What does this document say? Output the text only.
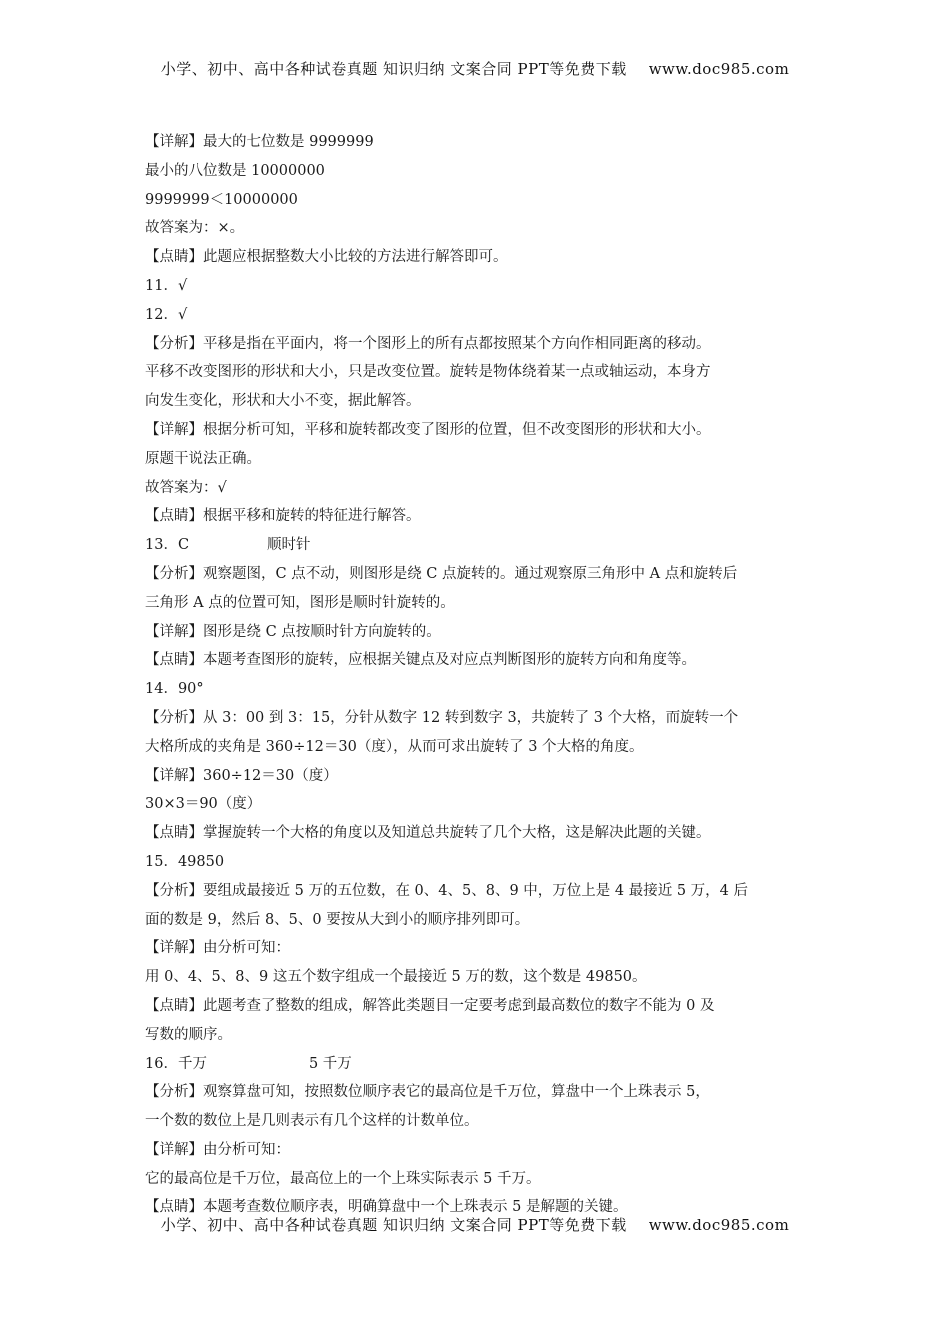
小学、初中、高中各种试卷真题 知识归纳 文案合同 PPT等免费下载 www.doc985.com
【详解】最大的七位数是 9999999
最小的八位数是 10000000
9999999＜10000000
故答案为：×。
【点睛】此题应根据整数大小比较的方法进行解答即可。
11．√
12．√
【分析】平移是指在平面内，将一个图形上的所有点都按照某个方向作相同距离的移动。
平移不改变图形的形状和大小，只是改变位置。旋转是物体绕着某一点或轴运动，本身方
向发生变化，形状和大小不变，据此解答。
【详解】根据分析可知，平移和旋转都改变了图形的位置，但不改变图形的形状和大小。
原题干说法正确。
故答案为：√
【点睛】根据平移和旋转的特征进行解答。
13．C	顺时针
【分析】观察题图，C 点不动，则图形是绕 C 点旋转的。通过观察原三角形中 A 点和旋转后
三角形 A 点的位置可知，图形是顺时针旋转的。
【详解】图形是绕 C 点按顺时针方向旋转的。
【点睛】本题考查图形的旋转，应根据关键点及对应点判断图形的旋转方向和角度等。
14．90°
【分析】从 3：00 到 3：15，分针从数字 12 转到数字 3，共旋转了 3 个大格，而旋转一个
大格所成的夹角是 360÷12＝30（度），从而可求出旋转了 3 个大格的角度。
【详解】360÷12＝30（度）
30×3＝90（度）
【点睛】掌握旋转一个大格的角度以及知道总共旋转了几个大格，这是解决此题的关键。
15．49850
【分析】要组成最接近 5 万的五位数，在 0、4、5、8、9 中，万位上是 4 最接近 5 万，4 后
面的数是 9，然后 8、5、0 要按从大到小的顺序排列即可。
【详解】由分析可知：
用 0、4、5、8、9 这五个数字组成一个最接近 5 万的数，这个数是 49850。
【点睛】此题考查了整数的组成，解答此类题目一定要考虑到最高数位的数字不能为 0 及
写数的顺序。
16．千万	5 千万
【分析】观察算盘可知，按照数位顺序表它的最高位是千万位，算盘中一个上珠表示 5，
一个数的数位上是几则表示有几个这样的计数单位。
【详解】由分析可知：
它的最高位是千万位，最高位上的一个上珠实际表示 5 千万。
【点睛】本题考查数位顺序表，明确算盘中一个上珠表示 5 是解题的关键。
小学、初中、高中各种试卷真题 知识归纳 文案合同 PPT等免费下载 www.doc985.com
